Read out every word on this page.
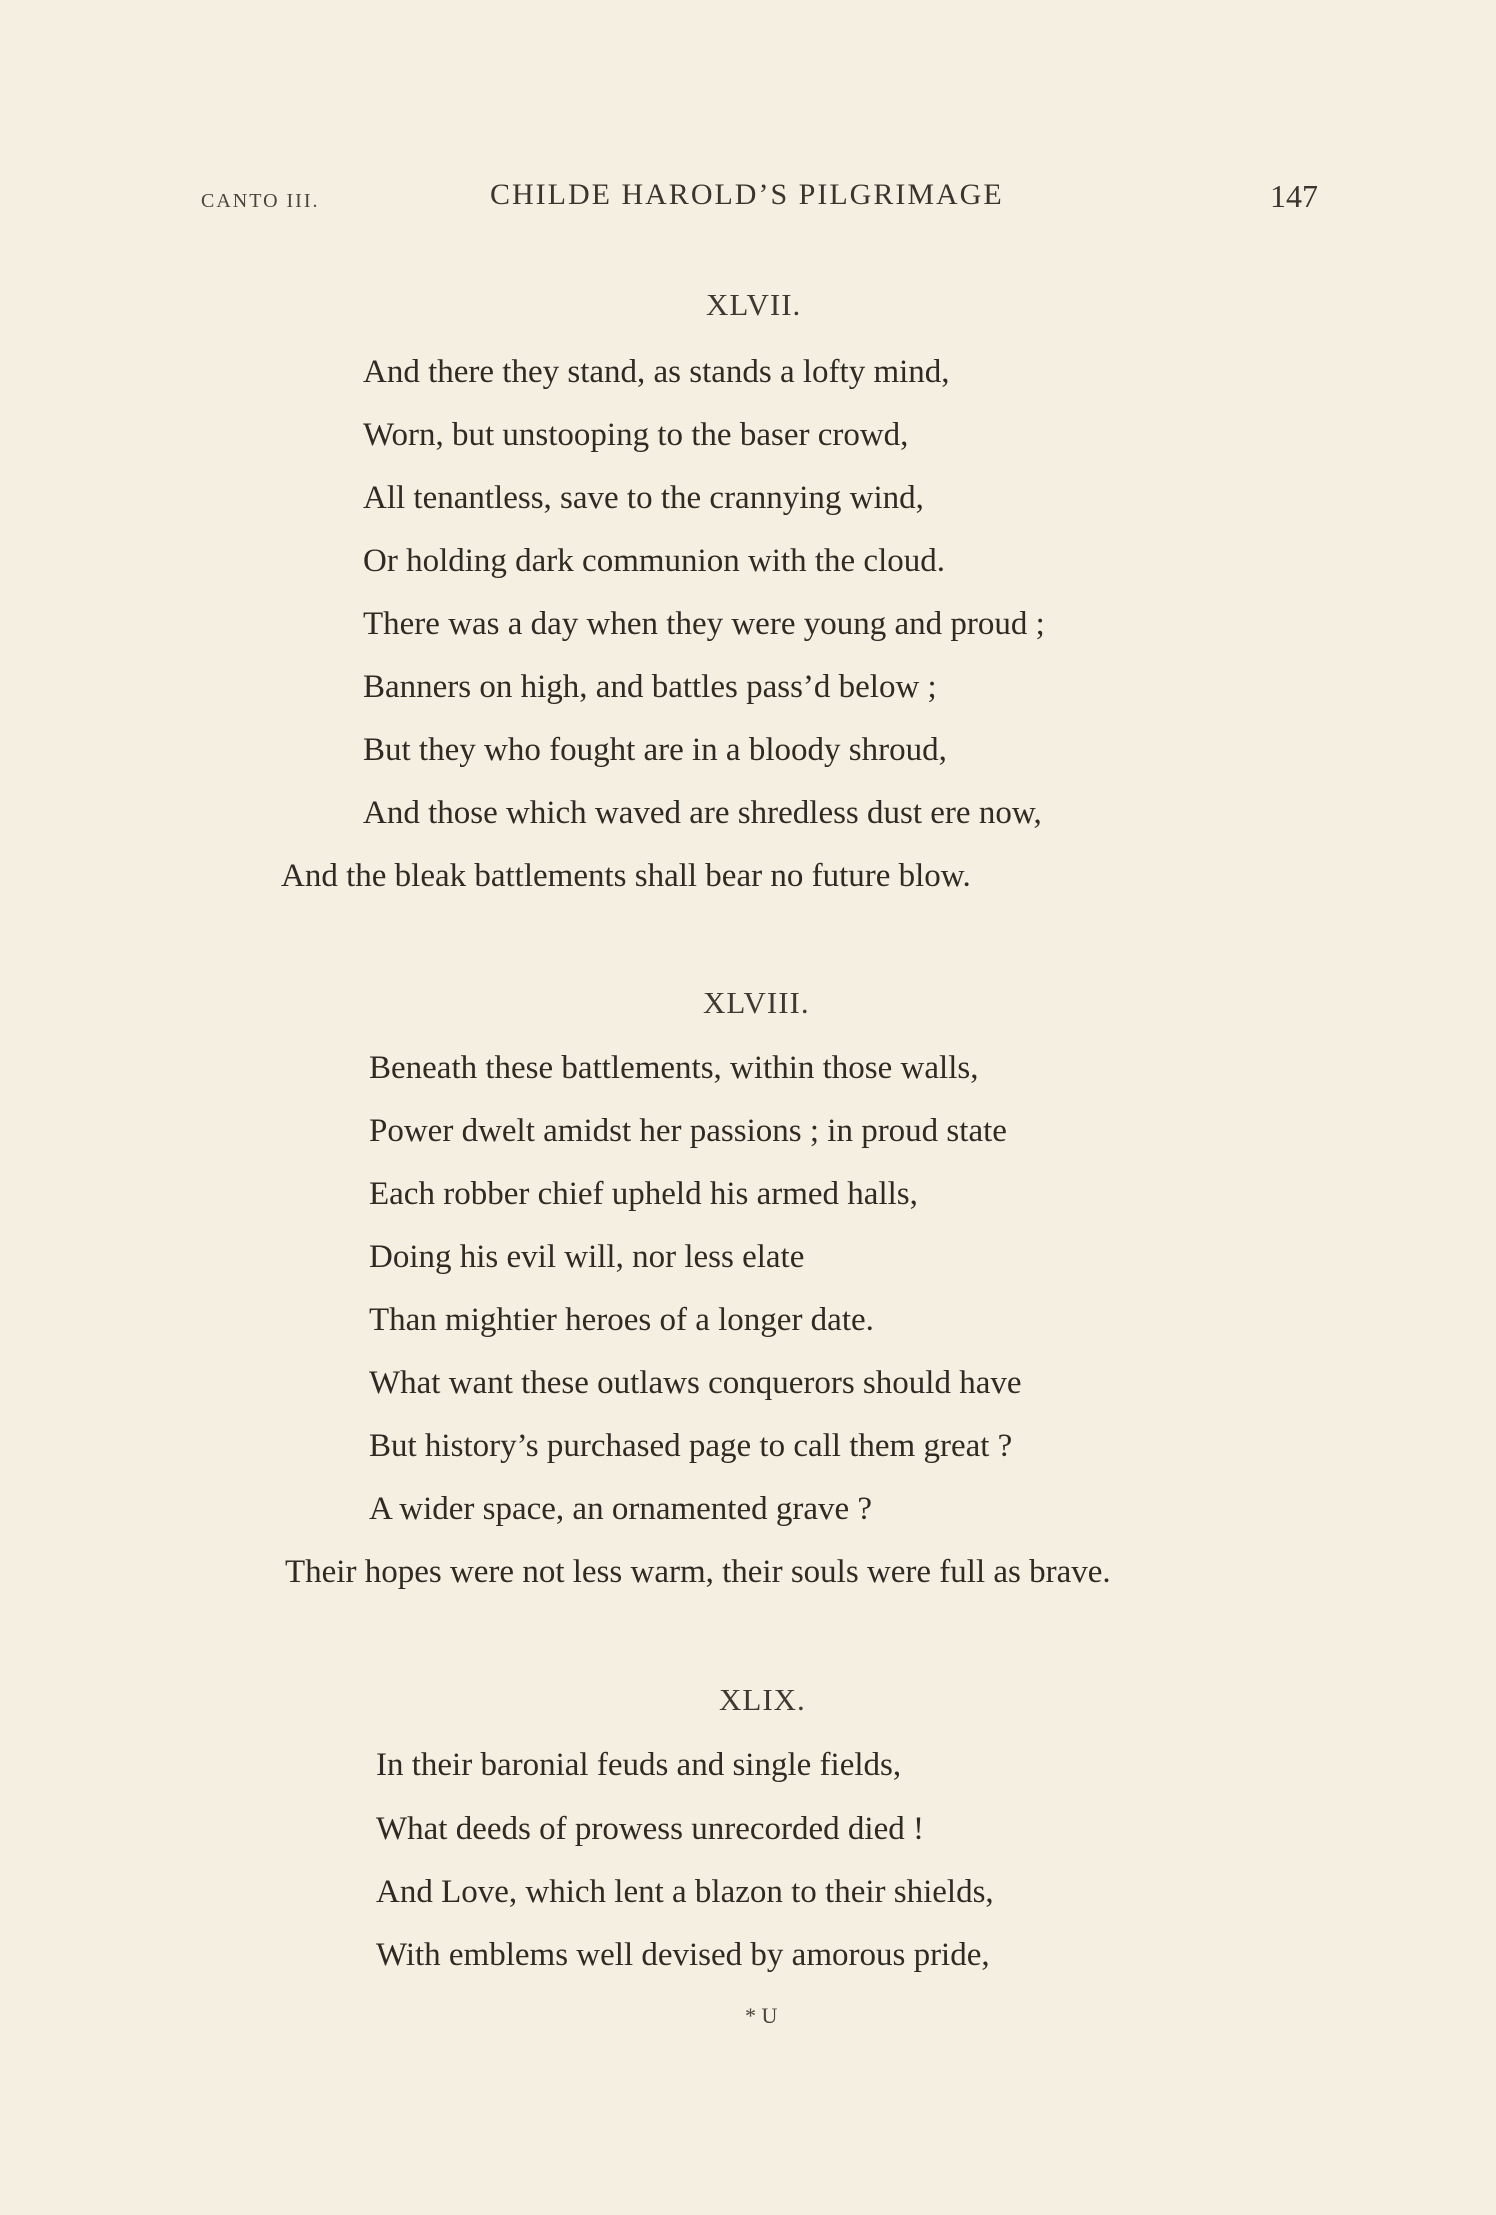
CANTO III.	CHILDE HAROLD’S PILGRIMAGE	147
XLVII.
And there they stand, as stands a lofty mind,
Worn, but unstooping to the baser crowd,
All tenantless, save to the crannying wind,
Or holding dark communion with the cloud.
There was a day when they were young and proud ;
Banners on high, and battles pass’d below ;
But they who fought are in a bloody shroud,
And those which waved are shredless dust ere now,
And the bleak battlements shall bear no future blow.
XLVIII.
Beneath these battlements, within those walls,
Power dwelt amidst her passions ; in proud state
Each robber chief upheld his armed halls,
Doing his evil will, nor less elate
Than mightier heroes of a longer date.
What want these outlaws conquerors should have
But history’s purchased page to call them great ?
A wider space, an ornamented grave ?
Their hopes were not less warm, their souls were full as brave.
XLIX.
In their baronial feuds and single fields,
What deeds of prowess unrecorded died !
And Love, which lent a blazon to their shields,
With emblems well devised by amorous pride,
* U
